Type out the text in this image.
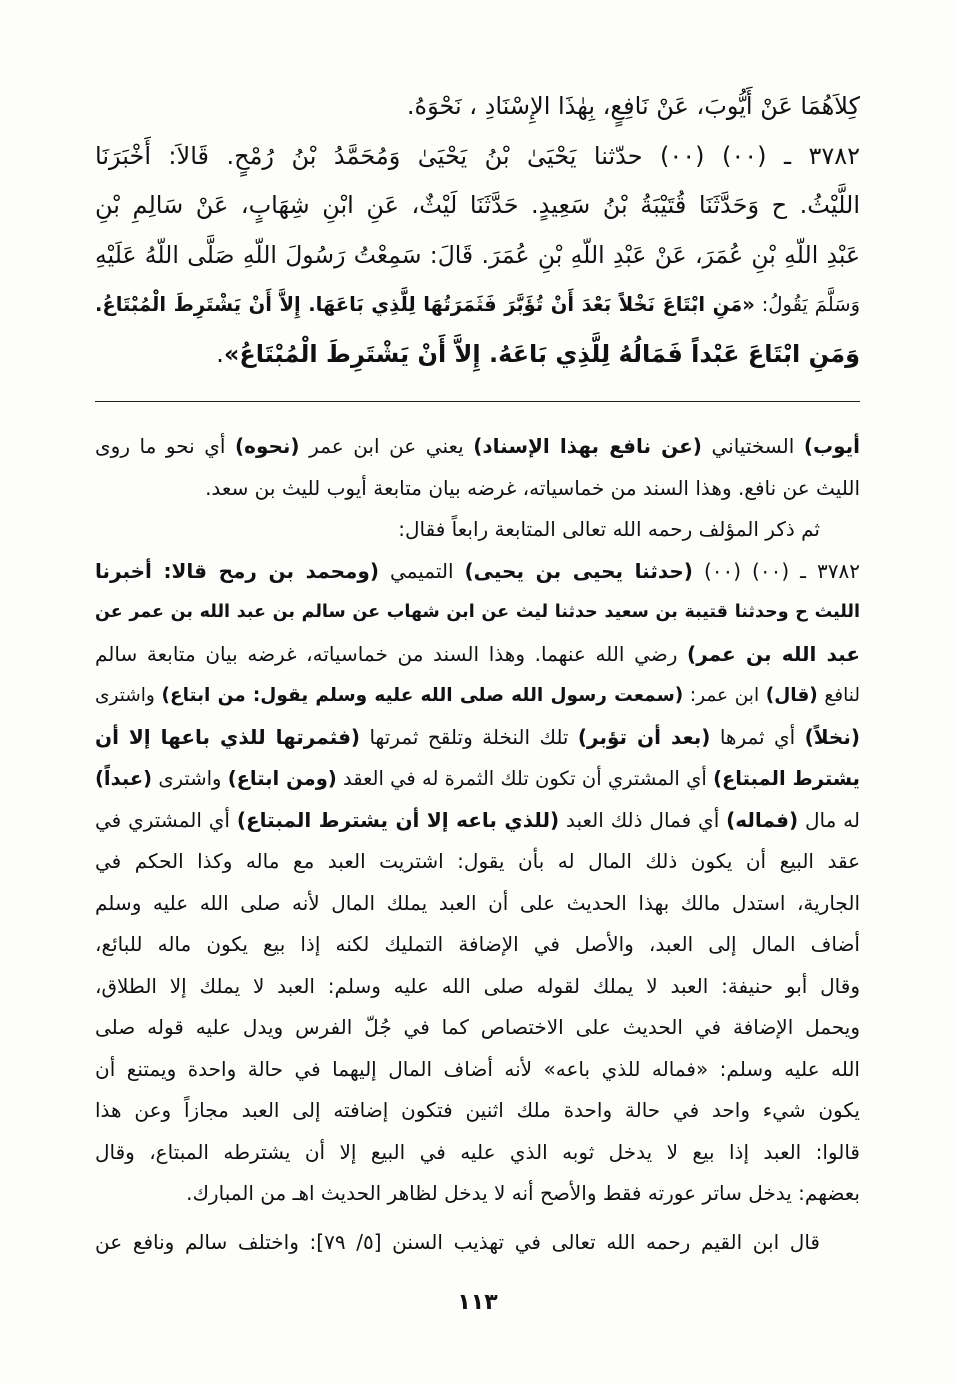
كِلاَهُمَا عَنْ أَيُّوبَ، عَنْ نَافِعٍ، بِهٰذَا الإِسْنَادِ ، نَحْوَهُ.
٣٧٨٢ ـ (٠٠) (٠٠) حدّثنا يَحْيَىٰ بْنُ يَحْيَىٰ وَمُحَمَّدُ بْنُ رُمْحٍ. قَالاَ: أَخْبَرَنَا
اللَّيْثُ. ح وَحَدَّثَنَا قُتَيْبَةُ بْنُ سَعِيدٍ. حَدَّثَنَا لَيْثٌ، عَنِ ابْنِ شِهَابٍ، عَنْ سَالِمِ بْنِ
عَبْدِ اللّهِ بْنِ عُمَرَ، عَنْ عَبْدِ اللّهِ بْنِ عُمَرَ. قَالَ: سَمِعْتُ رَسُولَ اللّهِ صَلَّى اللّهُ عَلَيْهِ
وَسَلَّمَ يَقُولُ: «مَنِ ابْتَاعَ نَخْلاً بَعْدَ أَنْ تُؤَبَّرَ فَثَمَرَتُهَا لِلَّذِي بَاعَهَا. إِلاَّ أَنْ يَشْتَرِطَ الْمُبْتَاعُ.
وَمَنِ ابْتَاعَ عَبْداً فَمَالُهُ لِلَّذِي بَاعَهُ. إِلاَّ أَنْ يَشْتَرِطَ الْمُبْتَاعُ».
أيوب) السختياني (عن نافع بهذا الإسناد) يعني عن ابن عمر (نحوه) أي نحو ما روى
الليث عن نافع. وهذا السند من خماسياته، غرضه بيان متابعة أيوب لليث بن سعد.
ثم ذكر المؤلف رحمه الله تعالى المتابعة رابعاً فقال:
٣٧٨٢ ـ (٠٠) (٠٠) (حدثنا يحيى بن يحيى) التميمي (ومحمد بن رمح قالا: أخبرنا
الليث ح وحدثنا قتيبة بن سعيد حدثنا ليث عن ابن شهاب عن سالم بن عبد الله بن عمر عن
عبد الله بن عمر) رضي الله عنهما. وهذا السند من خماسياته، غرضه بيان متابعة سالم
لنافع (قال) ابن عمر: (سمعت رسول الله صلى الله عليه وسلم يقول: من ابتاع) واشترى
(نخلاً) أي ثمرها (بعد أن تؤبر) تلك النخلة وتلقح ثمرتها (فثمرتها للذي باعها إلا أن
يشترط المبتاع) أي المشتري أن تكون تلك الثمرة له في العقد (ومن ابتاع) واشترى (عبداً)
له مال (فماله) أي فمال ذلك العبد (للذي باعه إلا أن يشترط المبتاع) أي المشتري في
عقد البيع أن يكون ذلك المال له بأن يقول: اشتريت العبد مع ماله وكذا الحكم في
الجارية، استدل مالك بهذا الحديث على أن العبد يملك المال لأنه صلى الله عليه وسلم
أضاف المال إلى العبد، والأصل في الإضافة التمليك لكنه إذا بيع يكون ماله للبائع،
وقال أبو حنيفة: العبد لا يملك لقوله صلى الله عليه وسلم: العبد لا يملك إلا الطلاق،
ويحمل الإضافة في الحديث على الاختصاص كما في جُلّ الفرس ويدل عليه قوله صلى
الله عليه وسلم: «فماله للذي باعه» لأنه أضاف المال إليهما في حالة واحدة ويمتنع أن
يكون شيء واحد في حالة واحدة ملك اثنين فتكون إضافته إلى العبد مجازاً وعن هذا
قالوا: العبد إذا بيع لا يدخل ثوبه الذي عليه في البيع إلا أن يشترطه المبتاع، وقال
بعضهم: يدخل ساتر عورته فقط والأصح أنه لا يدخل لظاهر الحديث اهـ من المبارك.
قال ابن القيم رحمه الله تعالى في تهذيب السنن [٥/ ٧٩]: واختلف سالم ونافع عن
١١٣
